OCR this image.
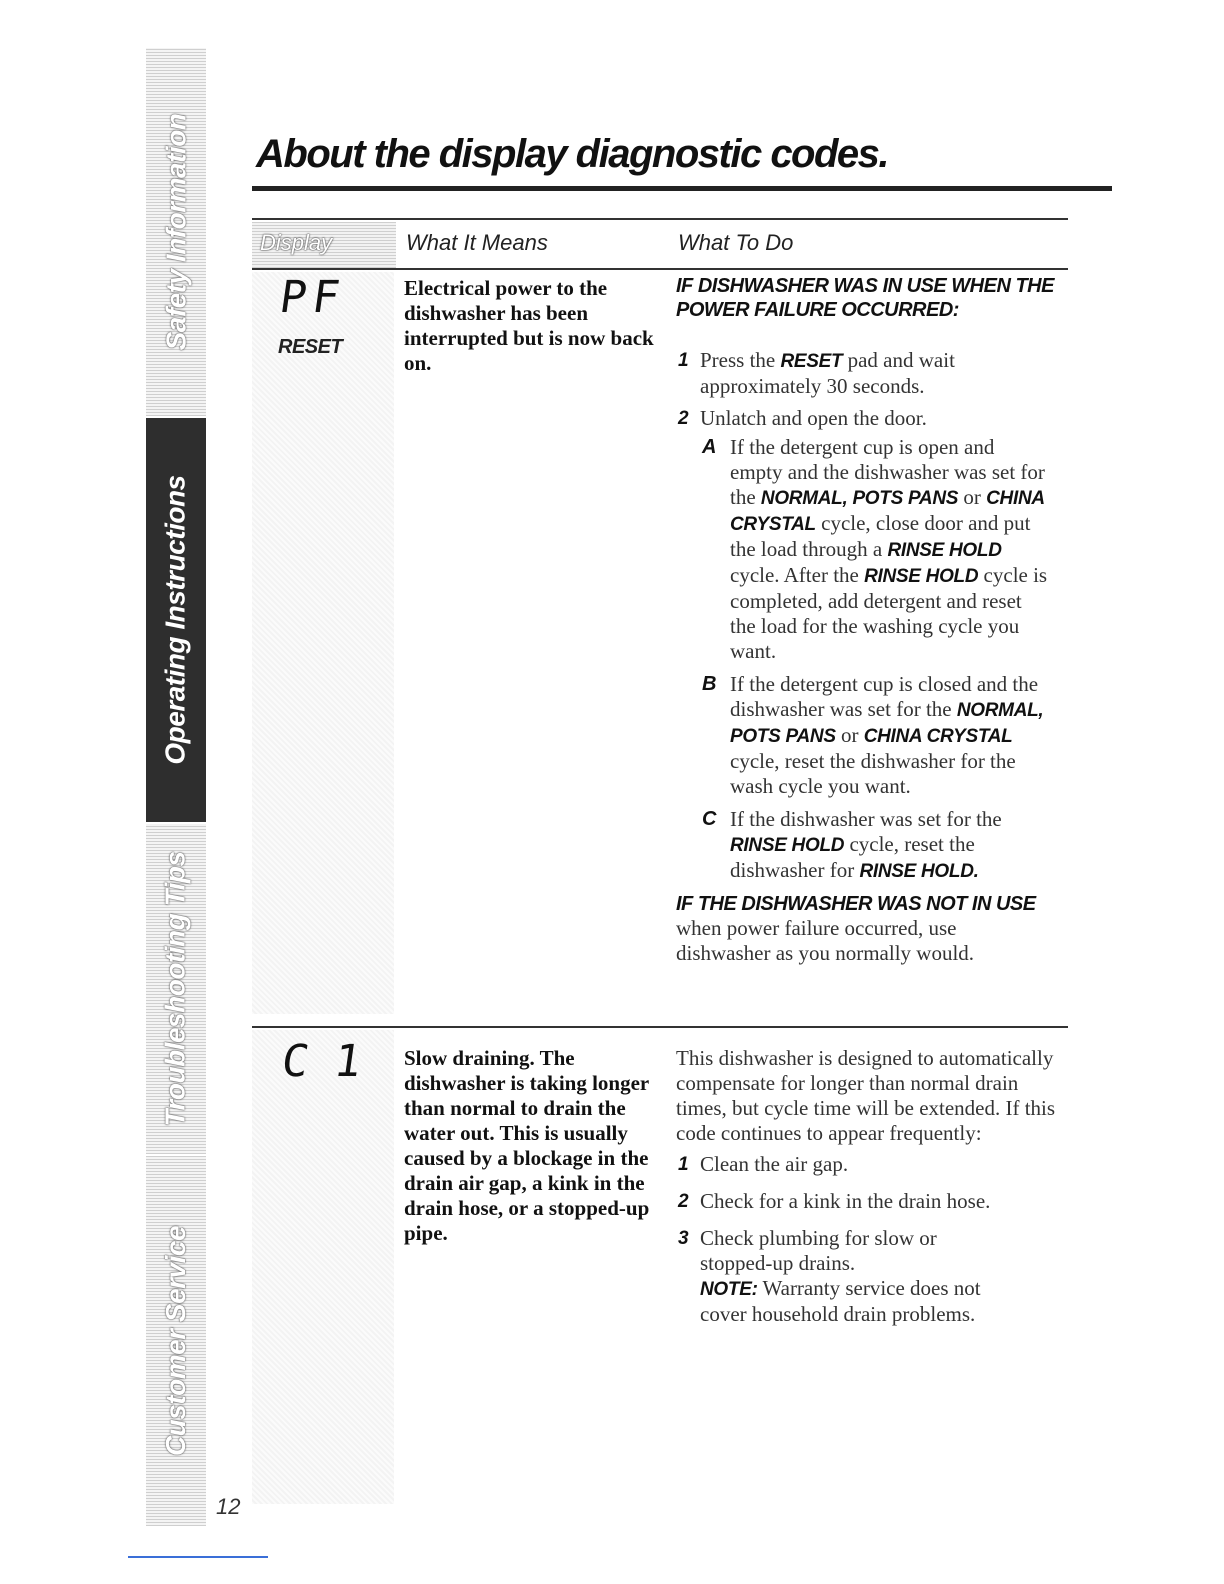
Safety Information
Operating Instructions
Troubleshooting Tips
Customer Service
12
About the display diagnostic codes.
Display	What It Means	What To Do
PF
RESET

Electrical power to the dishwasher has been interrupted but is now back on.

IF DISHWASHER WAS IN USE WHEN THE POWER FAILURE OCCURRED:

1 Press the RESET pad and wait approximately 30 seconds.

2 Unlatch and open the door.

A If the detergent cup is open and empty and the dishwasher was set for the NORMAL, POTS PANS or CHINA CRYSTAL cycle, close door and put the load through a RINSE HOLD cycle. After the RINSE HOLD cycle is completed, add detergent and reset the load for the washing cycle you want.

B If the detergent cup is closed and the dishwasher was set for the NORMAL, POTS PANS or CHINA CRYSTAL cycle, reset the dishwasher for the wash cycle you want.

C If the dishwasher was set for the RINSE HOLD cycle, reset the dishwasher for RINSE HOLD.

IF THE DISHWASHER WAS NOT IN USE

when power failure occurred, use dishwasher as you normally would.

C1 Slow draining. The dishwasher is taking longer than normal to drain the water out. This is usually caused by a blockage in the drain air gap, a kink in the drain hose, or a stopped-up pipe.

This dishwasher is designed to automatically compensate for longer than normal drain times, but cycle time will be extended. If this code continues to appear frequently:

1 Clean the air gap.

2 Check for a kink in the drain hose.

3 Check plumbing for slow or stopped-up drains.

NOTE: Warranty service does not cover household drain problems.
